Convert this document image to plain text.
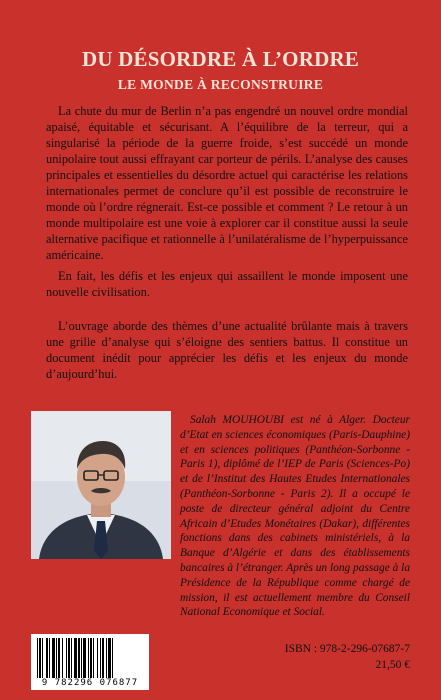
DU DÉSORDRE À L’ORDRE
LE MONDE À RECONSTRUIRE

La chute du mur de Berlin n’a pas engendré un nouvel ordre mondial apaisé, équitable et sécurisant. A l’équilibre de la terreur, qui a singularisé la période de la guerre froide, s’est succédé un monde unipolaire tout aussi effrayant car porteur de périls. L’analyse des causes principales et essentielles du désordre actuel qui caractérise les relations internationales permet de conclure qu’il est possible de reconstruire le monde où l’ordre régnerait. Est-ce possible et comment ? Le retour à un monde multipolaire est une voie à explorer car il constitue aussi la seule alternative pacifique et rationnelle à l’unilatéralisme de l’hyperpuissance américaine.

En fait, les défis et les enjeux qui assaillent le monde imposent une nouvelle civilisation.

L’ouvrage aborde des thèmes d’une actualité brûlante mais à travers une grille d’analyse qui s’éloigne des sentiers battus. Il constitue un document inédit pour apprécier les défis et les enjeux du monde d’aujourd’hui.

Salah MOUHOUBI est né à Alger. Docteur d’Etat en sciences économiques (Paris-Dauphine) et en sciences politiques (Panthéon-Sorbonne - Paris 1), diplômé de l’IEP de Paris (Sciences-Po) et de l’Institut des Hautes Etudes Internationales (Panthéon-Sorbonne - Paris 2). Il a occupé le poste de directeur général adjoint du Centre Africain d’Etudes Monétaires (Dakar), différentes fonctions dans des cabinets ministériels, à la Banque d’Algérie et dans des établissements bancaires à l’étranger. Après un long passage à la Présidence de la République comme chargé de mission, il est actuellement membre du Conseil National Economique et Social.

9 782296 076877
ISBN : 978-2-296-07687-7
21,50 €
